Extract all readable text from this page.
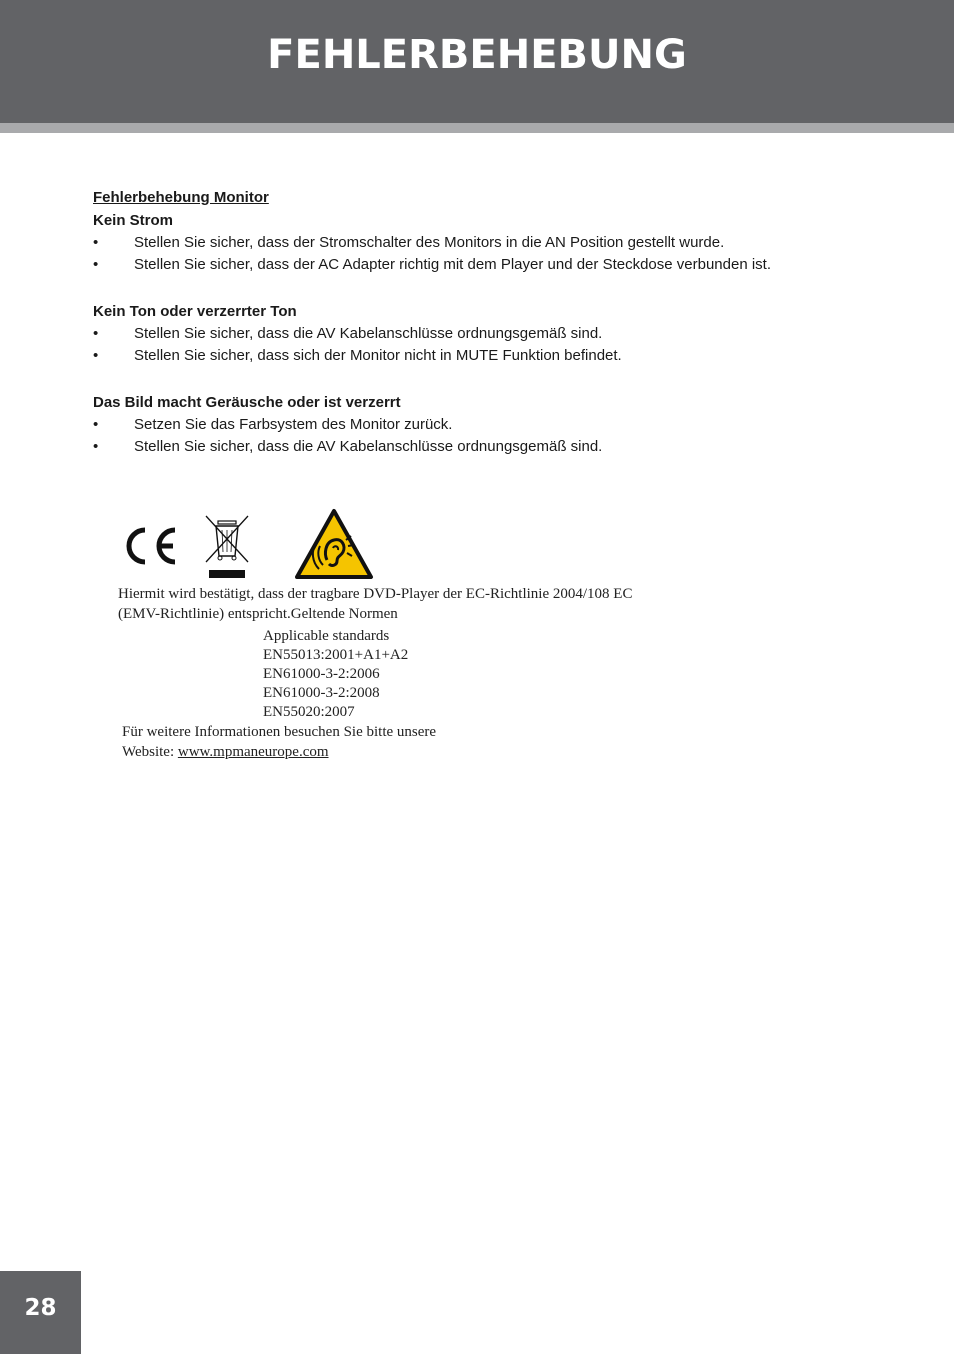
FEHLERBEHEBUNG
Fehlerbehebung Monitor
Kein Strom
• Stellen Sie sicher, dass der Stromschalter des Monitors in die AN Position gestellt wurde.
• Stellen Sie sicher, dass der AC Adapter richtig mit dem Player und der Steckdose verbunden ist.
Kein Ton oder verzerrter Ton
• Stellen Sie sicher, dass die AV Kabelanschlüsse ordnungsgemäß sind.
• Stellen Sie sicher, dass sich der Monitor nicht in MUTE Funktion befindet.
Das Bild macht Geräusche oder ist verzerrt
• Setzen Sie das Farbsystem des Monitor zurück.
• Stellen Sie sicher, dass die AV Kabelanschlüsse ordnungsgemäß sind.
Hiermit wird bestätigt, dass der tragbare DVD-Player der EC-Richtlinie 2004/108 EC
(EMV-Richtlinie) entspricht.Geltende Normen
Applicable standards
EN55013:2001+A1+A2
EN61000-3-2:2006
EN61000-3-2:2008
EN55020:2007
Für weitere Informationen besuchen Sie bitte unsere
Website: www.mpmaneurope.com
28
